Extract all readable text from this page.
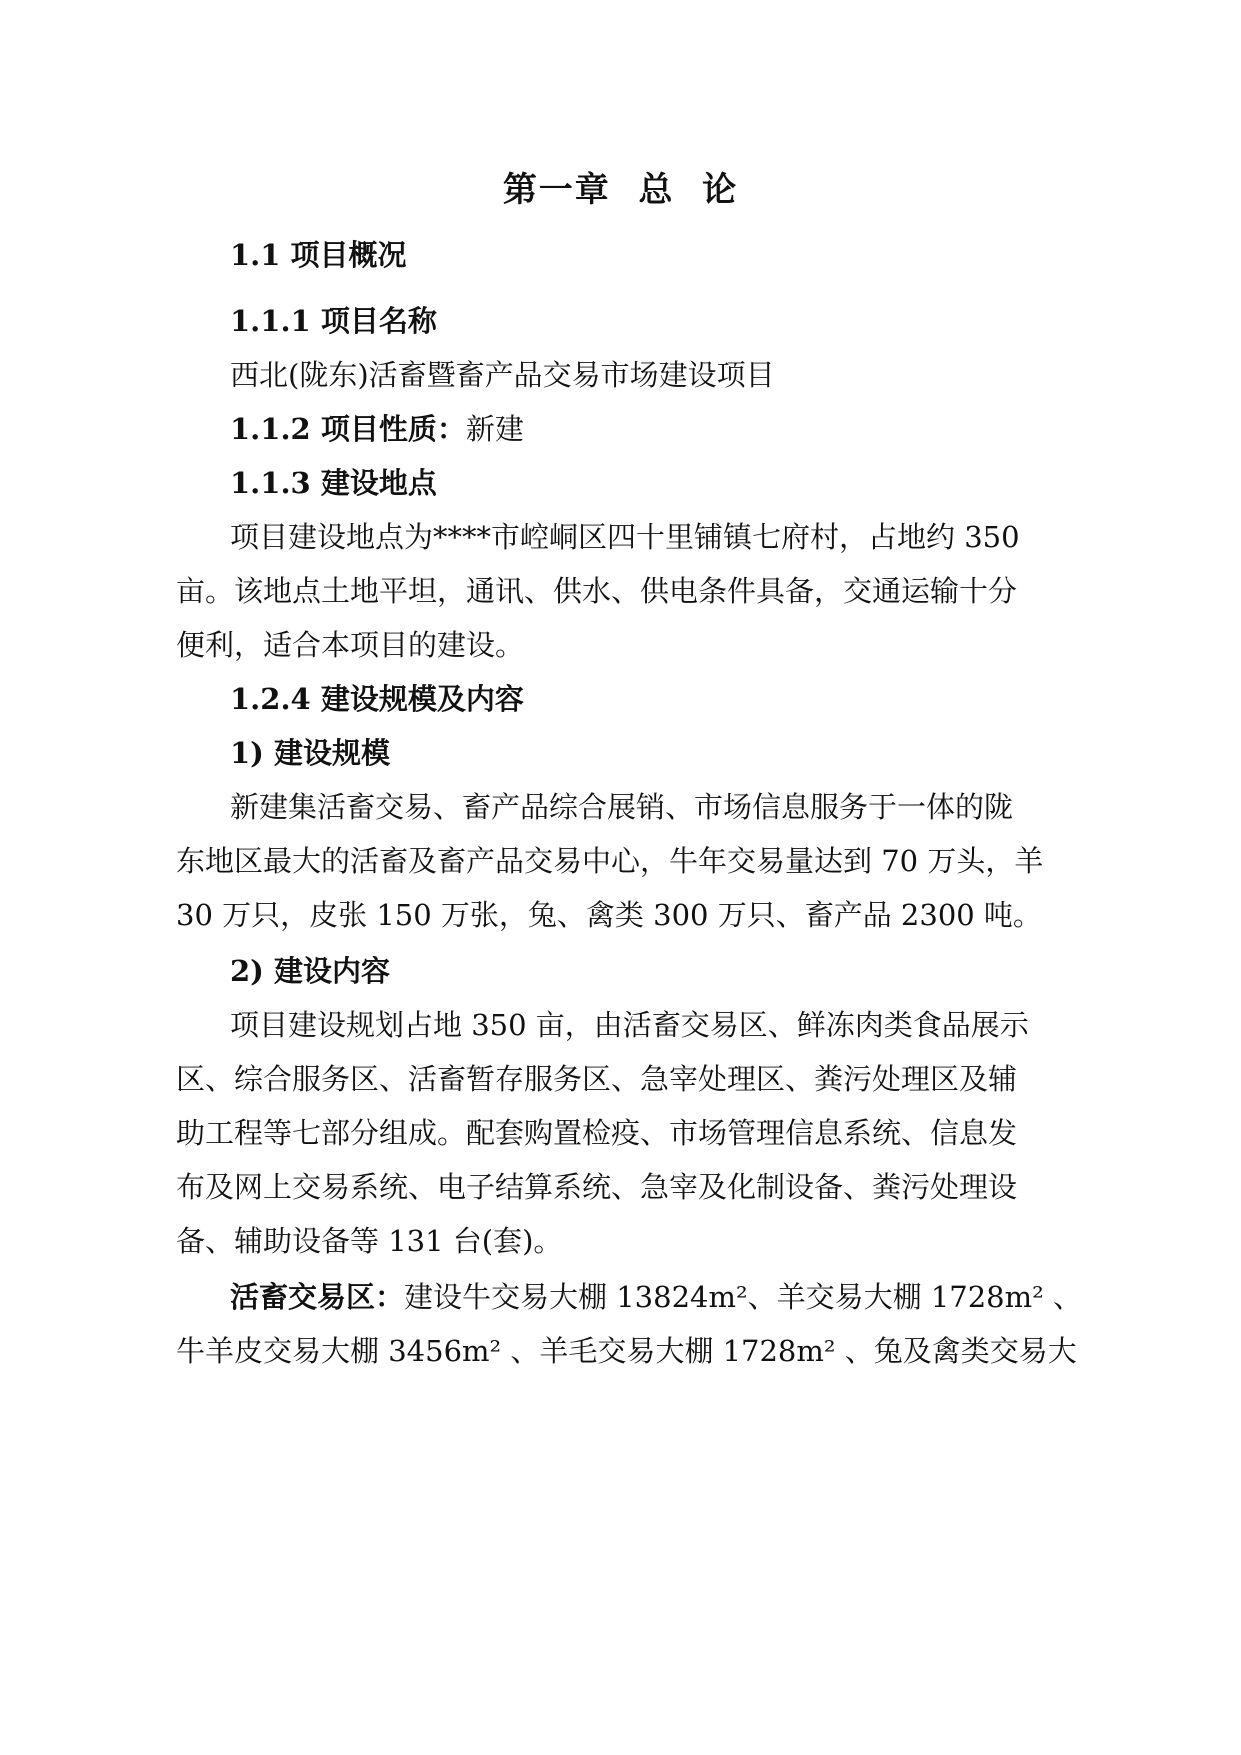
第一章  总  论
1.1 项目概况
1.1.1 项目名称
西北(陇东)活畜暨畜产品交易市场建设项目
1.1.2 项目性质：新建
1.1.3 建设地点
项目建设地点为****市崆峒区四十里铺镇七府村，占地约 350
亩。该地点土地平坦，通讯、供水、供电条件具备，交通运输十分
便利，适合本项目的建设。
1.2.4 建设规模及内容
1) 建设规模
新建集活畜交易、畜产品综合展销、市场信息服务于一体的陇
东地区最大的活畜及畜产品交易中心，牛年交易量达到 70 万头，羊
30 万只，皮张 150 万张，兔、禽类 300 万只、畜产品 2300 吨。
2) 建设内容
项目建设规划占地 350 亩，由活畜交易区、鲜冻肉类食品展示
区、综合服务区、活畜暂存服务区、急宰处理区、粪污处理区及辅
助工程等七部分组成。配套购置检疫、市场管理信息系统、信息发
布及网上交易系统、电子结算系统、急宰及化制设备、粪污处理设
备、辅助设备等 131 台(套)。
活畜交易区：建设牛交易大棚 13824m²、羊交易大棚 1728m² 、
牛羊皮交易大棚 3456m² 、羊毛交易大棚 1728m² 、兔及禽类交易大
